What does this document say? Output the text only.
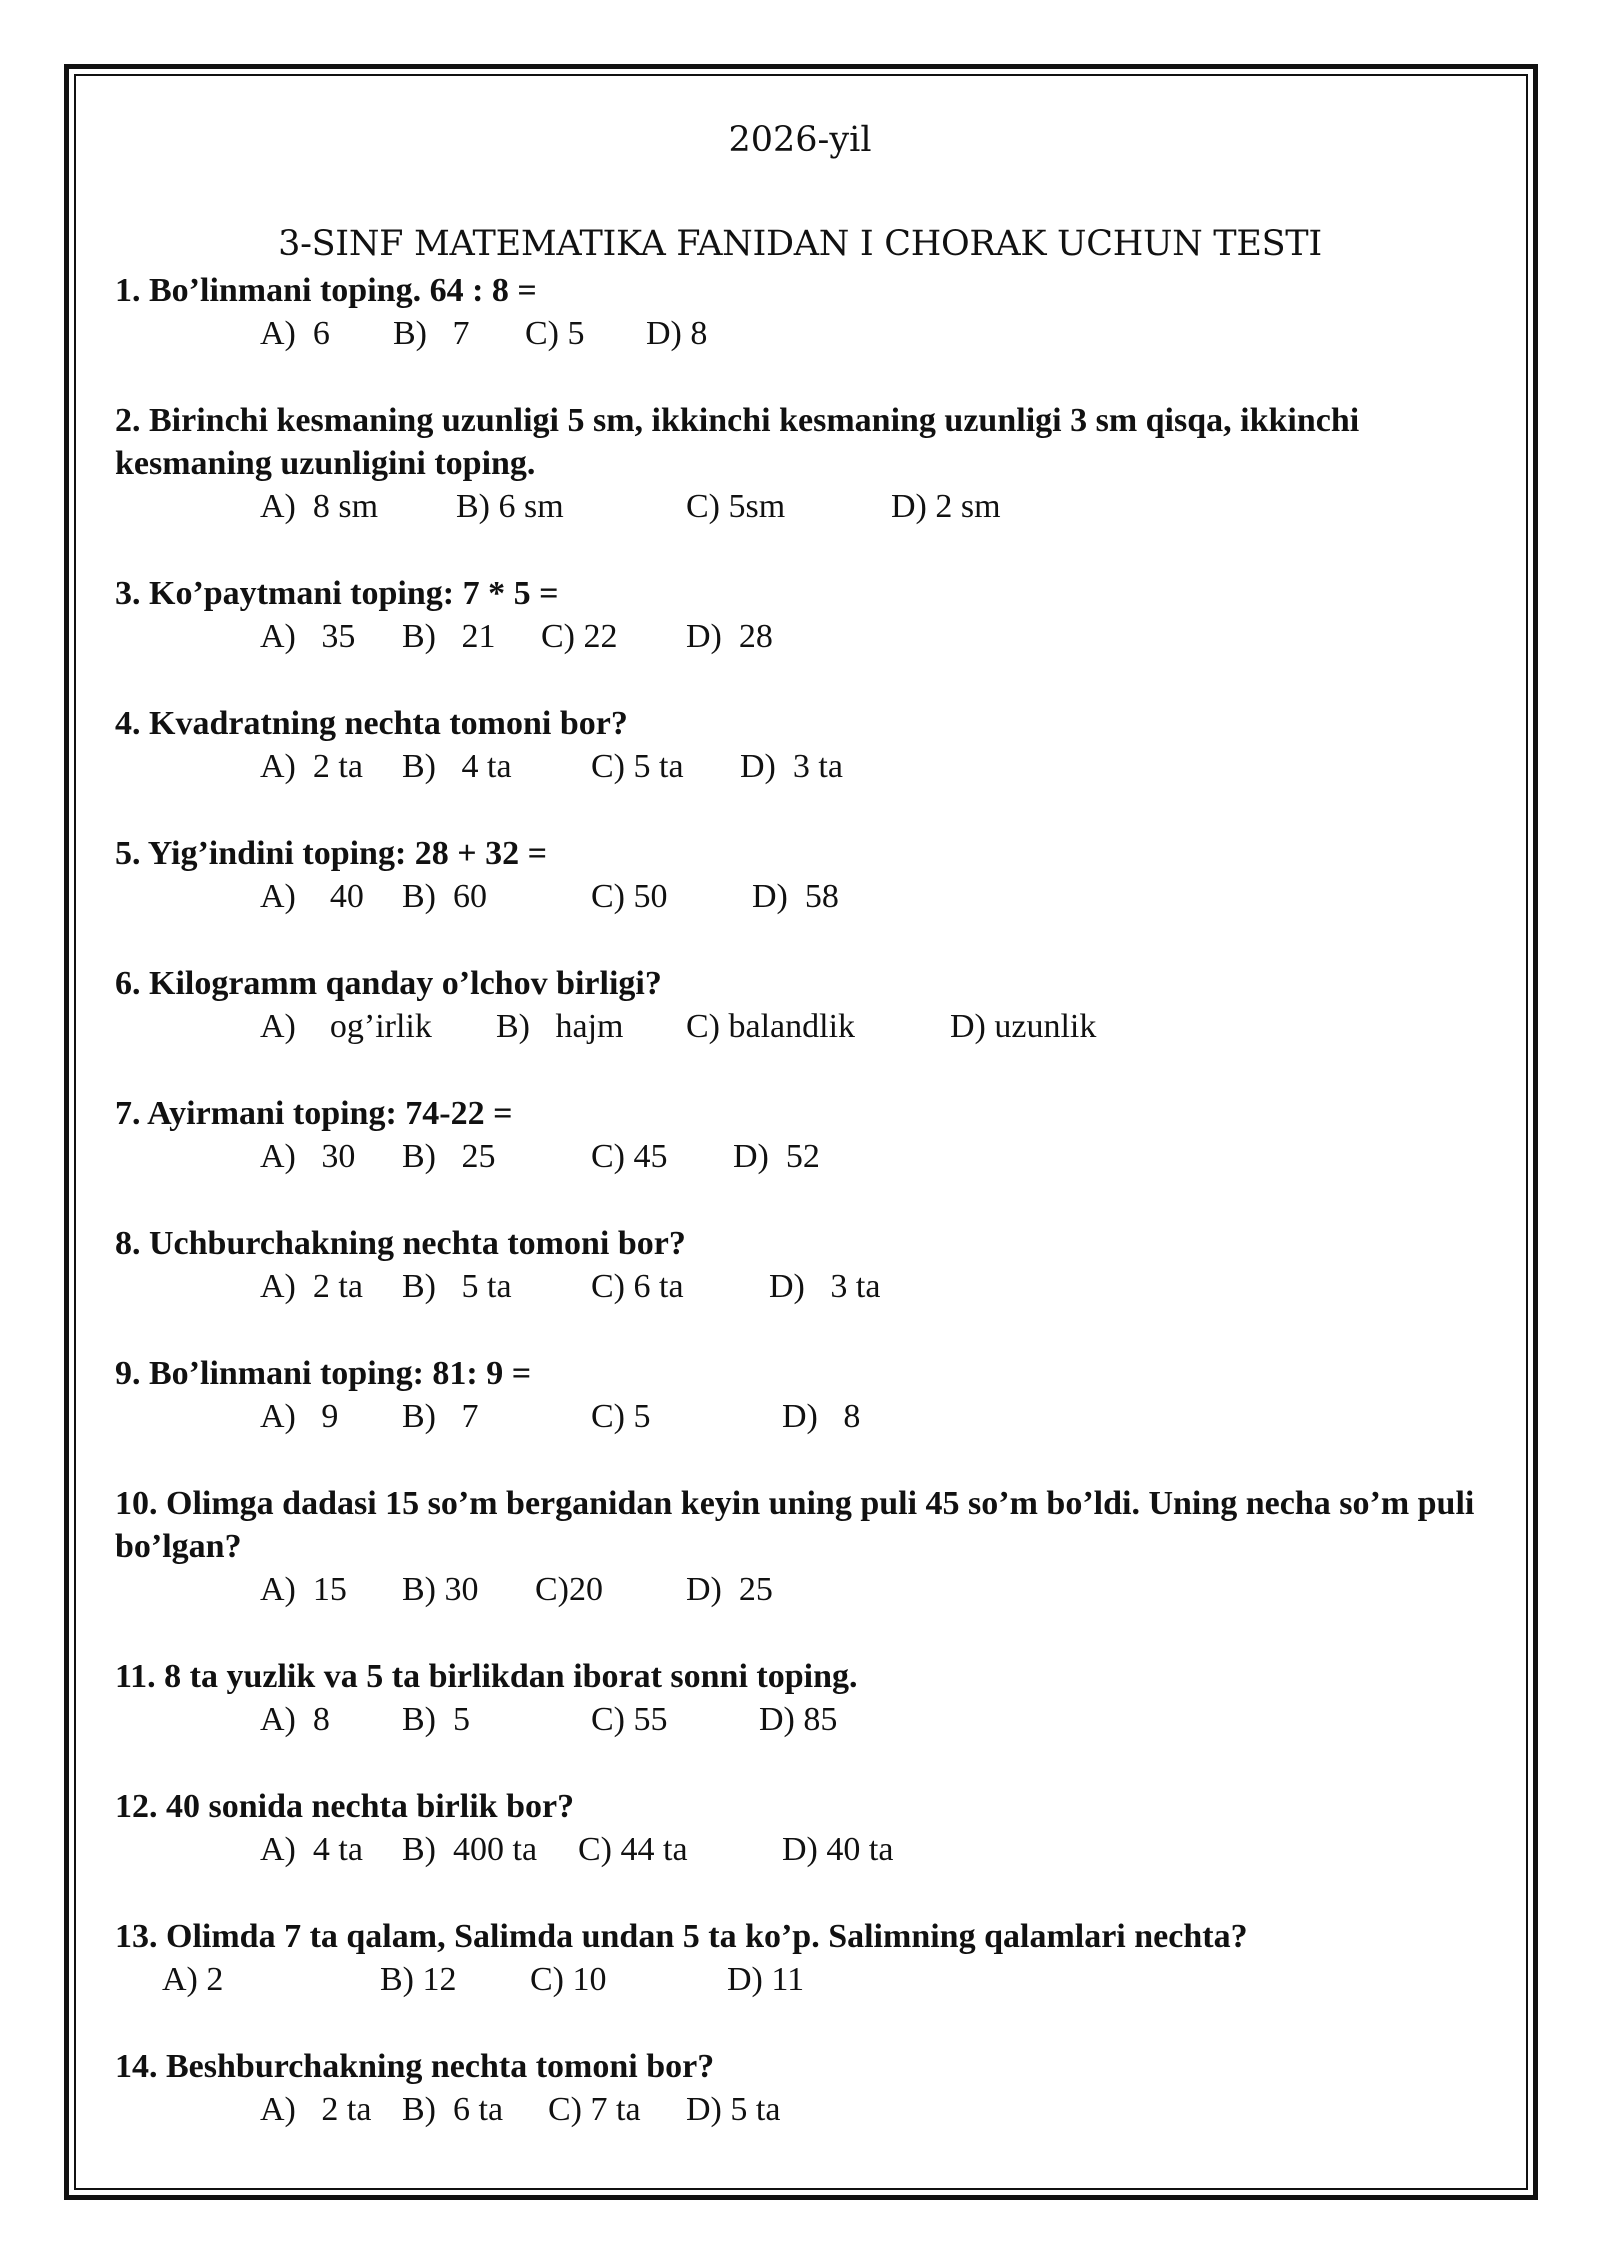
2026-yil
3-SINF MATEMATIKA FANIDAN I CHORAK UCHUN TESTI
1. Bo’linmani toping. 64 : 8 =
A)  6 B)   7 C) 5 D) 8
2. Birinchi kesmaning uzunligi 5 sm, ikkinchi kesmaning uzunligi 3 sm qisqa, ikkinchi kesmaning uzunligini toping.
A)  8 sm B) 6 sm	C) 5sm	D) 2 sm
3. Ko’paytmani toping: 7 * 5 =
A)   35 B)   21 C) 22 D)  28
4. Kvadratning nechta tomoni bor?
A)  2 ta B)   4 ta C) 5 ta D)  3 ta
5. Yig’indini toping: 28 + 32 =
A)    40 B)  60	C) 50 D)  58
6. Kilogramm qanday o’lchov birligi?
A)    og’irlik B)   hajm C) balandlik	D) uzunlik
7. Ayirmani toping: 74-22 =
A)   30 B)   25	C) 45 D)  52
8. Uchburchakning nechta tomoni bor?
A)  2 ta B)   5 ta C) 6 ta	D)   3 ta
9. Bo’linmani toping: 81: 9 =
A)   9 B)   7	C) 5	D)   8
10. Olimga dadasi 15 so’m berganidan keyin uning puli 45 so’m bo’ldi. Uning necha so’m puli bo’lgan?
A)  15 B) 30 C)20 D)  25
11. 8 ta yuzlik va 5 ta birlikdan iborat sonni toping.
A)  8 B)  5	C) 55	D) 85
12. 40 sonida nechta birlik bor?
A)  4 ta B)  400 ta C) 44 ta	D) 40 ta
13. Olimda 7 ta qalam, Salimda undan 5 ta ko’p. Salimning qalamlari nechta?
A) 2	B) 12 C) 10	D) 11
14. Beshburchakning nechta tomoni bor?
A)   2 ta B)  6 ta C) 7 ta D) 5 ta
